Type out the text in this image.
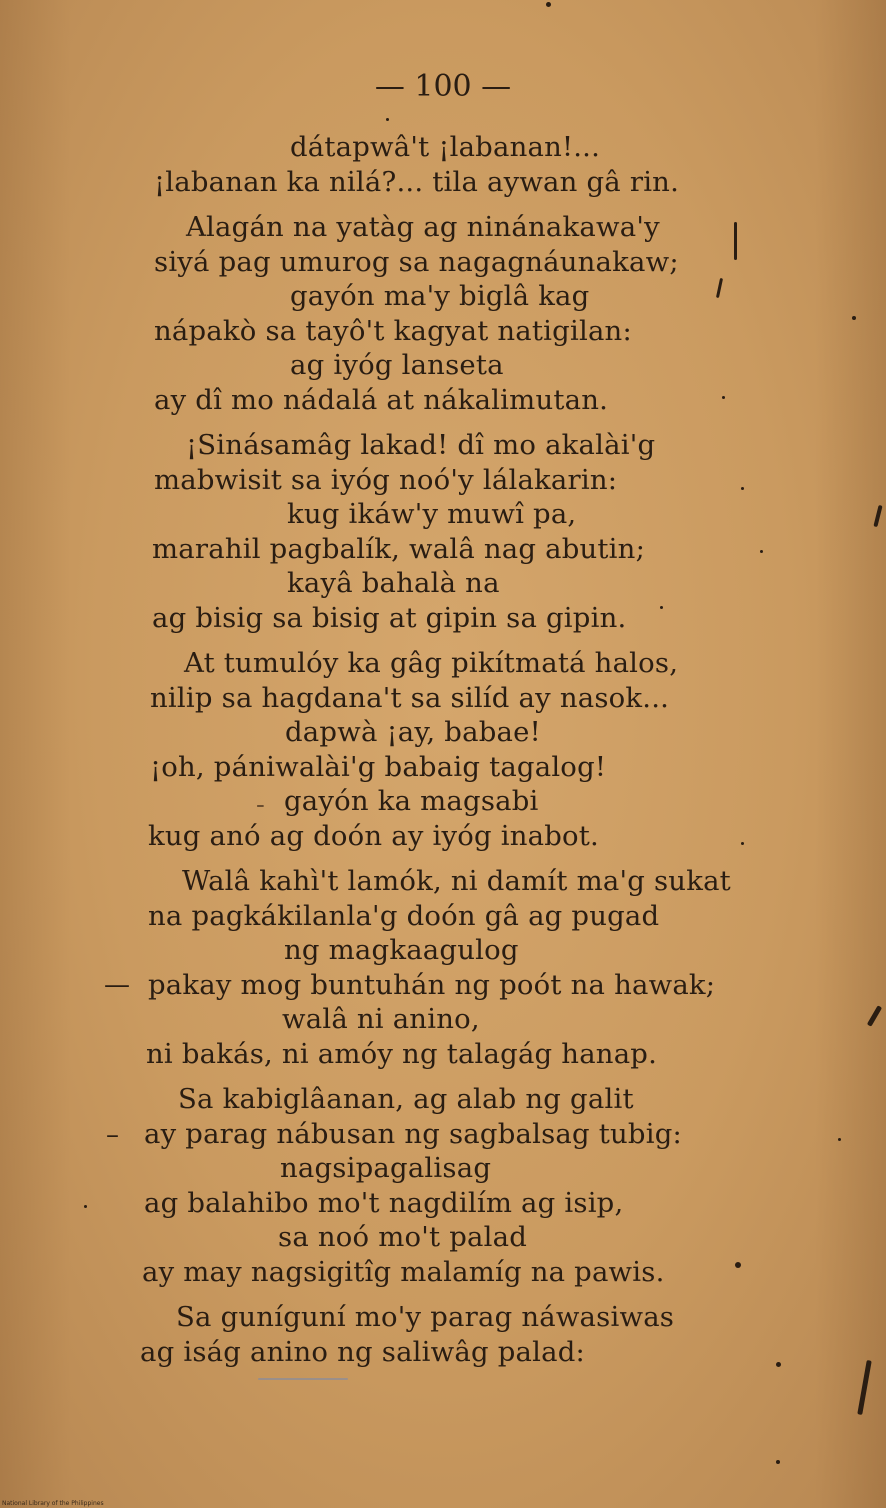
— 100 —
dátapwâ't ¡labanan!...
¡labanan ka nilá?... tila aywan gâ rin.
Alagán na yatàg ag ninánakawa'y
siyá pag umurog sa nagagnáunakaw;
gayón ma'y biglâ kag
nápakò sa tayô't kagyat natigilan:
ag iyóg lanseta
ay dî mo nádalá at nákalimutan.
¡Sinásamâg lakad! dî mo akalài'g
mabwisit sa iyóg noó'y lálakarin:
kug ikáw'y muwî pa,
marahil pagbalík, walâ nag abutin;
kayâ bahalà na
ag bisig sa bisig at gipin sa gipin.
At tumulóy ka gâg pikítmatá halos,
nilip sa hagdana't sa silíd ay nasok...
dapwà ¡ay, babae!
¡oh, pániwalài'g babaig tagalog!
gayón ka magsabi
kug anó ag doón ay iyóg inabot.
Walâ kahì't lamók, ni damít ma'g sukat
na pagkákilanla'g doón gâ ag pugad
ng magkaagulog
pakay mog buntuhán ng poót na hawak;
walâ ni anino,
ni bakás, ni amóy ng talagág hanap.
Sa kabiglâanan, ag alab ng galit
ay parag nábusan ng sagbalsag tubig:
nagsipagalisag
ag balahibo mo't nagdilím ag isip,
sa noó mo't palad
ay may nagsigitîg malamíg na pawis.
Sa guníguní mo'y parag náwasiwas
ag iság anino ng saliwâg palad:
—
–
-
National Library of the Philippines
